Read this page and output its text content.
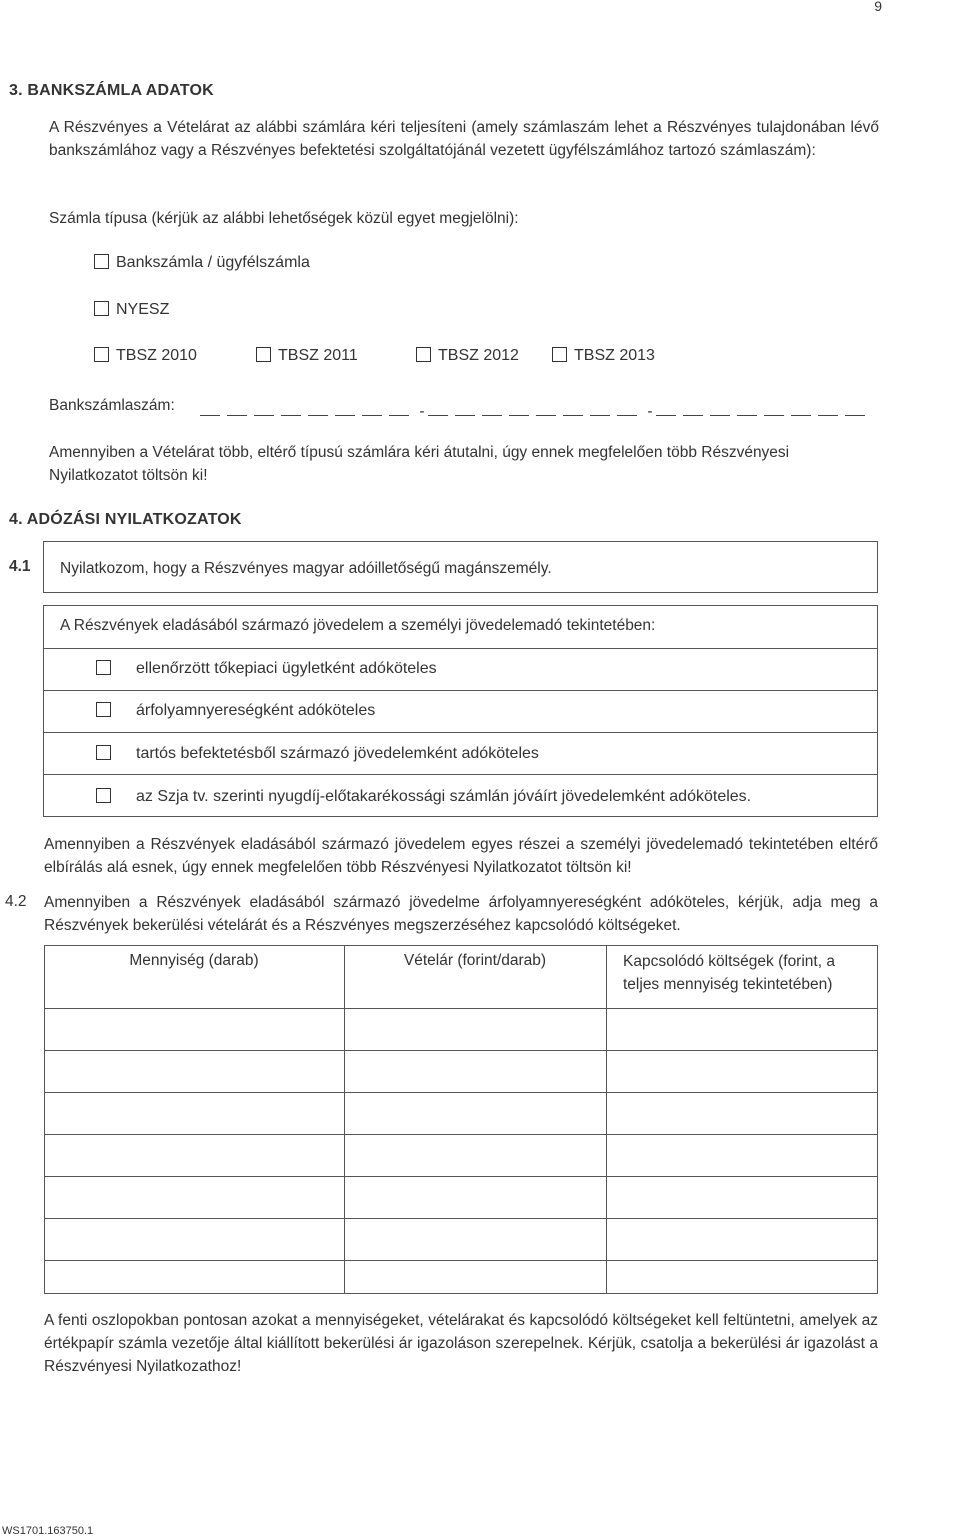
9
3. BANKSZÁMLA ADATOK
A Részvényes a Vételárat az alábbi számlára kéri teljesíteni (amely számlaszám lehet a Részvényes tulajdonában lévő bankszámlához vagy a Részvényes befektetési szolgáltatójánál vezetett ügyfélszámlához tartozó számlaszám):
Számla típusa (kérjük az alábbi lehetőségek közül egyet megjelölni):
Bankszámla / ügyfélszámla
NYESZ
TBSZ 2010	TBSZ 2011	TBSZ 2012	TBSZ 2013
Bankszámlaszám:	-	-
Amennyiben a Vételárat több, eltérő típusú számlára kéri átutalni, úgy ennek megfelelően több Részvényesi Nyilatkozatot töltsön ki!
4. ADÓZÁSI NYILATKOZATOK
4.1 Nyilatkozom, hogy a Részvényes magyar adóilletőségű magánszemély.
A Részvények eladásából származó jövedelem a személyi jövedelemadó tekintetében:
ellenőrzött tőkepiaci ügyletként adóköteles
árfolyamnyereségként adóköteles
tartós befektetésből származó jövedelemként adóköteles
az Szja tv. szerinti nyugdíj-előtakarékossági számlán jóváírt jövedelemként adóköteles.
Amennyiben a Részvények eladásából származó jövedelem egyes részei a személyi jövedelemadó tekintetében eltérő elbírálás alá esnek, úgy ennek megfelelően több Részvényesi Nyilatkozatot töltsön ki!
4.2 Amennyiben a Részvények eladásából származó jövedelme árfolyamnyereségként adóköteles, kérjük, adja meg a Részvények bekerülési vételárát és a Részvényes megszerzéséhez kapcsolódó költségeket.
Mennyiség (darab)	Vételár (forint/darab)	Kapcsolódó költségek (forint, a teljes mennyiség tekintetében)
A fenti oszlopokban pontosan azokat a mennyiségeket, vételárakat és kapcsolódó költségeket kell feltüntetni, amelyek az értékpapír számla vezetője által kiállított bekerülési ár igazoláson szerepelnek. Kérjük, csatolja a bekerülési ár igazolást a Részvényesi Nyilatkozathoz!
WS1701.163750.1
